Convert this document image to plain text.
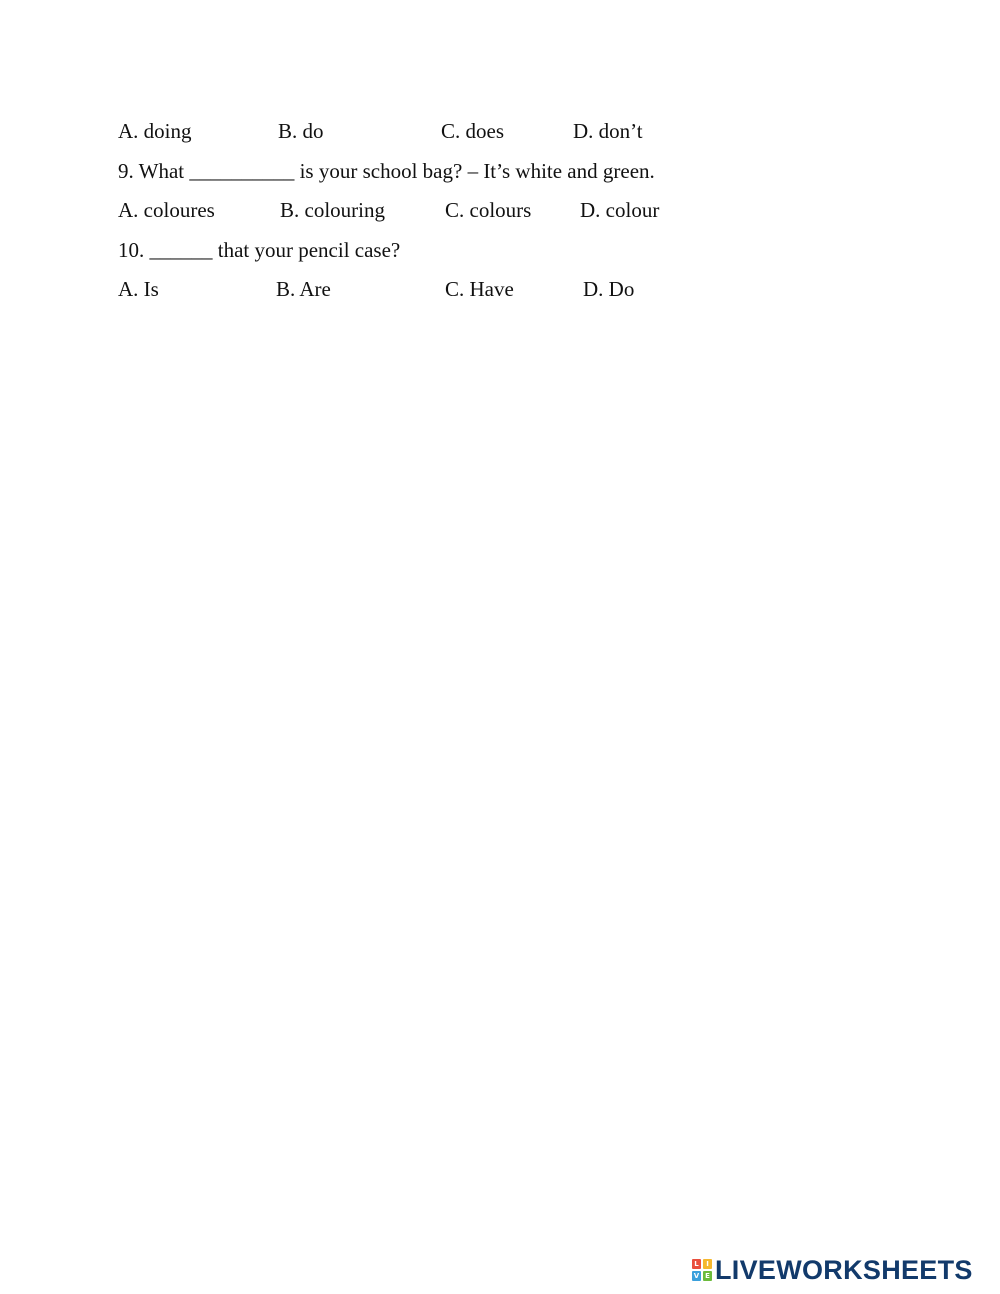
A. doing	B. do	C. does	D. don’t
9. What __________ is your school bag? – It’s white and green.
A. coloures	B. colouring	C. colours D. colour
10. ______ that your pencil case?
A. Is	B. Are	C. Have	D. Do
L	I
V E LIVEWORKSHEETS
